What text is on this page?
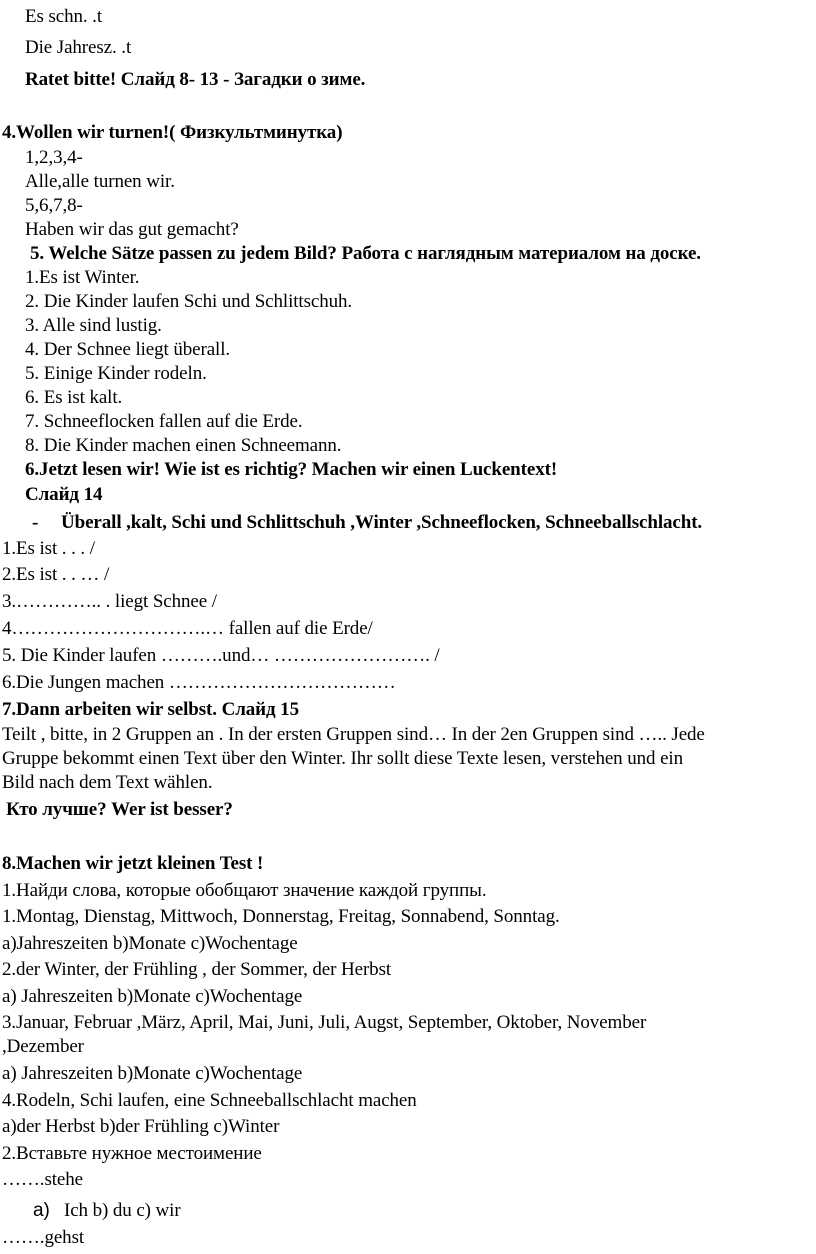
Es schn. .t
Die Jahresz. .t
Ratet bitte! Слайд 8- 13 - Загадки о зиме.
4.Wollen wir turnen!( Физкультминутка)
1,2,3,4-
Alle,alle turnen wir.
5,6,7,8-
Haben wir das gut gemacht?
5. Welche Sätze passen zu jedem Bild? Работа с наглядным материалом на доске.
1.Es ist Winter.
2. Die Kinder laufen Schi und Schlittschuh.
3. Alle sind lustig.
4. Der Schnee liegt überall.
5. Einige Kinder rodeln.
6. Es ist kalt.
7. Schneeflocken fallen auf die Erde.
8. Die Kinder machen einen Schneemann.
6.Jetzt lesen wir! Wie ist es richtig? Machen wir einen Luckentext!
Слайд 14
- Überall ,kalt, Schi und Schlittschuh ,Winter ,Schneeflocken, Schneeballschlacht.
1.Es ist . . . /
2.Es ist . . … /
3.………….. . liegt Schnee /
4………………………….… fallen auf die Erde/
5. Die Kinder laufen ……….und… ……………………. /
6.Die Jungen machen ………………………………
7.Dann arbeiten wir selbst. Слайд 15
Teilt , bitte, in 2 Gruppen an . In der ersten Gruppen sind… In der 2en Gruppen sind ….. Jede
Gruppe bekommt einen Text über den Winter. Ihr sollt diese Texte lesen, verstehen und ein
Bild nach dem Text wählen.
Кто лучше? Wer ist besser?
8.Machen wir jetzt kleinen Test !
1.Найди слова, которые обобщают значение каждой группы.
1.Montag, Dienstag, Mittwoch, Donnerstag, Freitag, Sonnabend, Sonntag.
a)Jahreszeiten b)Monate c)Wochentage
2.der Winter, der Frühling , der Sommer, der Herbst
a) Jahreszeiten b)Monate c)Wochentage
3.Januar, Februar ,März, April, Mai, Juni, Juli, Augst, September, Oktober, November
,Dezember
a) Jahreszeiten b)Monate c)Wochentage
4.Rodeln, Schi laufen, eine Schneeballschlacht machen
a)der Herbst b)der Frühling c)Winter
2.Вставьте нужное местоимение
…….stehe
a) Ich b) du c) wir
…….gehst
